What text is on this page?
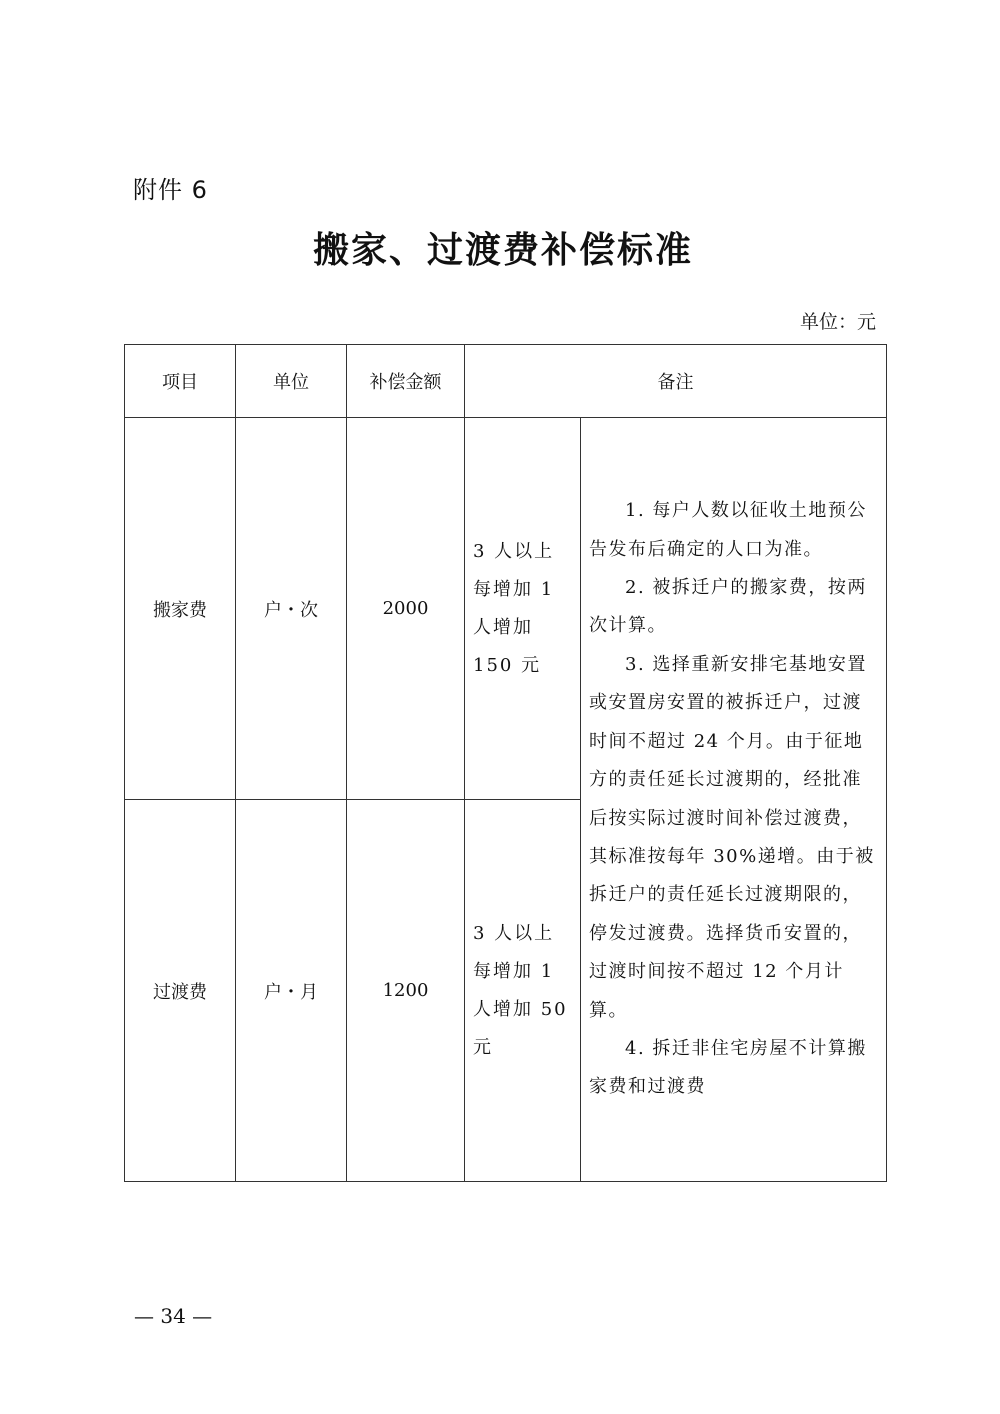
附件 6
搬家、过渡费补偿标准
单位：元
项目	单位	补偿金额	备注	
搬家费	户・次	2000	3 人以上每增加 1 人增加 150 元	1. 每户人数以征收土地预公告发布后确定的人口为准。
2. 被拆迁户的搬家费，按两次计算。
3. 选择重新安排宅基地安置或安置房安置的被拆迁户，过渡时间不超过 24 个月。由于征地方的责任延长过渡期的，经批准后按实际过渡时间补偿过渡费，其标准按每年 30%递增。由于被拆迁户的责任延长过渡期限的，停发过渡费。选择货币安置的，过渡时间按不超过 12 个月计算。
4. 拆迁非住宅房屋不计算搬家费和过渡费

过渡费	户・月	1200	3 人以上每增加 1 人增加 50 元	
— 34 —
